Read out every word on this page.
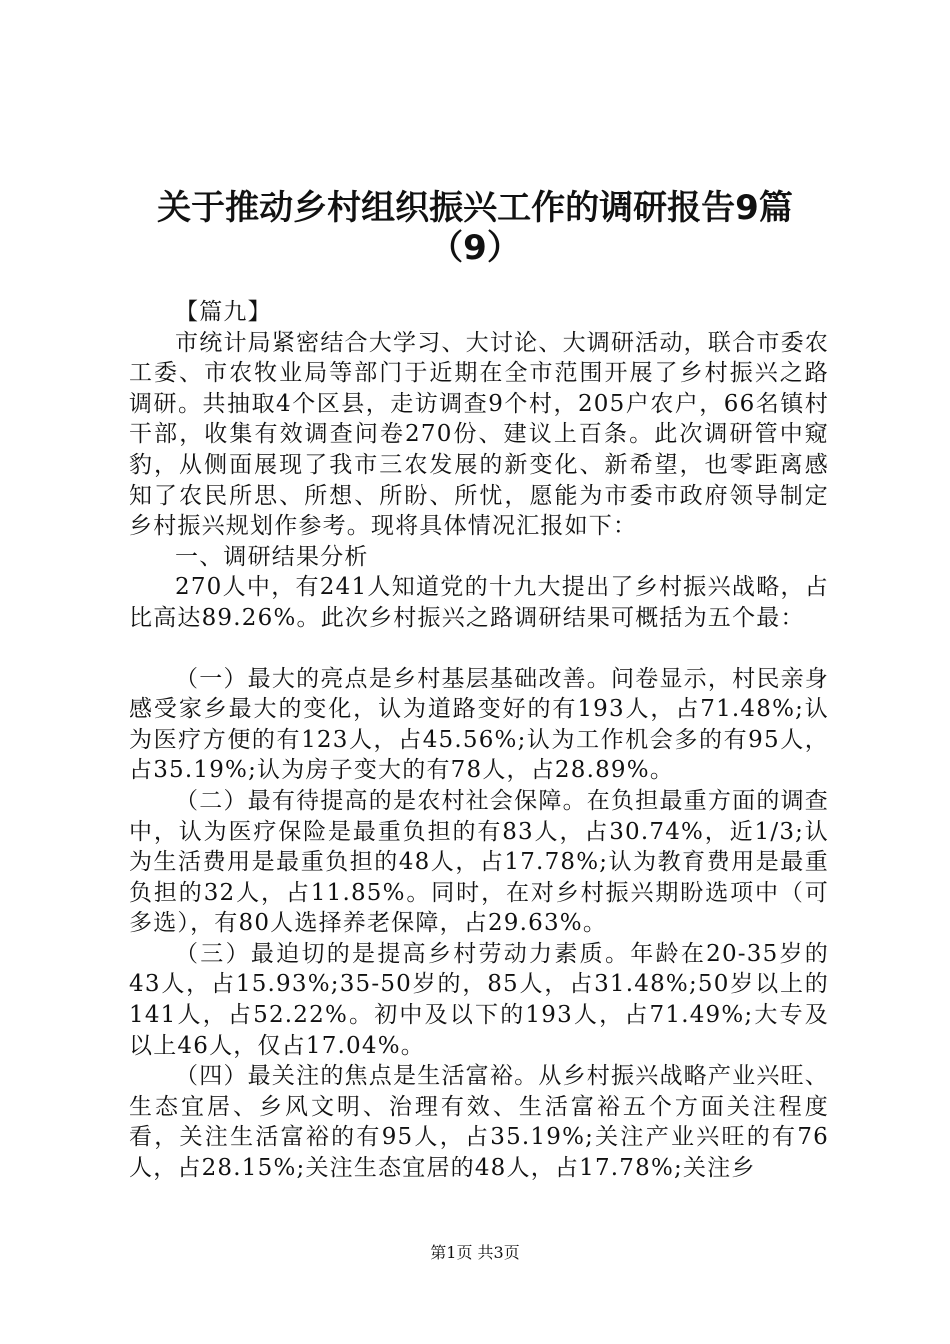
关于推动乡村组织振兴工作的调研报告9篇
（9）

【篇九】

市统计局紧密结合大学习、大讨论、大调研活动，联合市委农工委、市农牧业局等部门于近期在全市范围开展了乡村振兴之路调研。共抽取4个区县，走访调查9个村，205户农户，66名镇村干部，收集有效调查问卷270份、建议上百条。此次调研管中窥豹，从侧面展现了我市三农发展的新变化、新希望，也零距离感知了农民所思、所想、所盼、所忧，愿能为市委市政府领导制定乡村振兴规划作参考。现将具体情况汇报如下：

一、调研结果分析

270人中，有241人知道党的十九大提出了乡村振兴战略，占比高达89.26%。此次乡村振兴之路调研结果可概括为五个最：

（一）最大的亮点是乡村基层基础改善。问卷显示，村民亲身感受家乡最大的变化，认为道路变好的有193人，占71.48%;认为医疗方便的有123人，占45.56%;认为工作机会多的有95人，占35.19%;认为房子变大的有78人，占28.89%。

（二）最有待提高的是农村社会保障。在负担最重方面的调查中，认为医疗保险是最重负担的有83人，占30.74%，近1/3;认为生活费用是最重负担的48人，占17.78%;认为教育费用是最重负担的32人，占11.85%。同时，在对乡村振兴期盼选项中（可多选），有80人选择养老保障，占29.63%。

（三）最迫切的是提高乡村劳动力素质。年龄在20-35岁的43人，占15.93%;35-50岁的，85人，占31.48%;50岁以上的141人，占52.22%。初中及以下的193人，占71.49%;大专及以上46人，仅占17.04%。

（四）最关注的焦点是生活富裕。从乡村振兴战略产业兴旺、生态宜居、乡风文明、治理有效、生活富裕五个方面关注程度看，关注生活富裕的有95人，占35.19%;关注产业兴旺的有76人，占28.15%;关注生态宜居的48人，占17.78%;关注乡

第1页 共3页
